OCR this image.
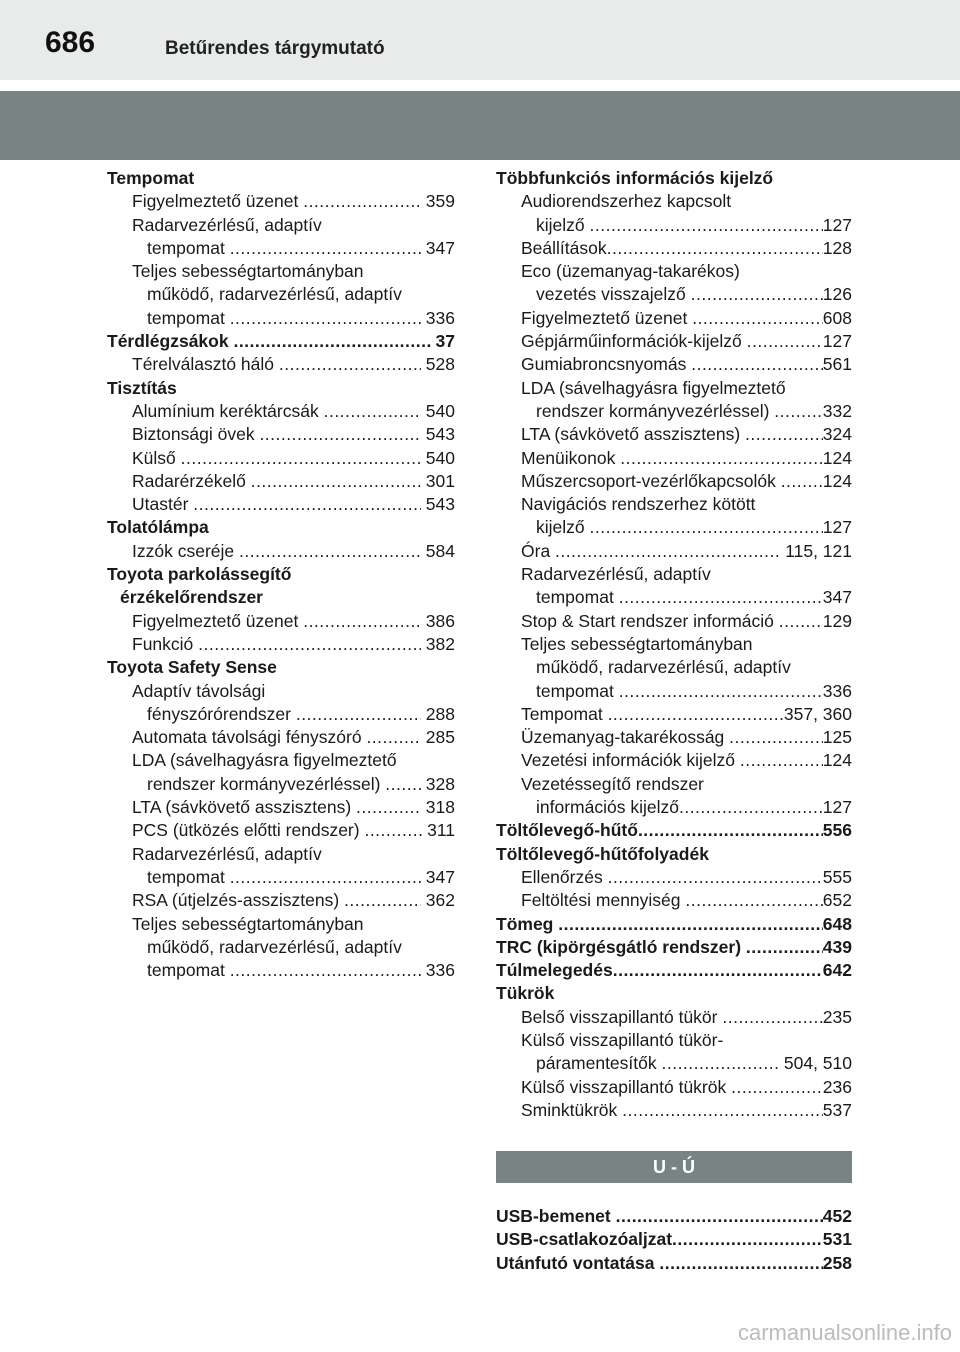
686	Betűrendes tárgymutató
Tempomat
Figyelmeztető üzenet .....	359
Radarvezérlésű, adaptív
tempomat .....	347
Teljes sebességtartományban
működő, radarvezérlésű, adaptív
tempomat .....	336
Térdlégzsákok .....	37
Térelválasztó háló .....	528
Tisztítás
Alumínium keréktárcsák .....	540
Biztonsági övek .....	543
Külső .....	540
Radarérzékelő .....	301
Utastér .....	543
Tolatólámpa
Izzók cseréje .....	584
Toyota parkolássegítő
érzékelőrendszer
Figyelmeztető üzenet .....	386
Funkció .....	382
Toyota Safety Sense
Adaptív távolsági
fényszórórendszer .....	288
Automata távolsági fényszóró .....	285
LDA (sávelhagyásra figyelmeztető
rendszer kormányvezérléssel) ..... 328
LTA (sávkövető asszisztens) .....	318
PCS (ütközés előtti rendszer) .....	311
Radarvezérlésű, adaptív
tempomat .....	347
RSA (útjelzés-asszisztens) .....	362
Teljes sebességtartományban
működő, radarvezérlésű, adaptív
tempomat .....	336
Többfunkciós információs kijelző
Audiorendszerhez kapcsolt
kijelző .....	127
Beállítások .....	128
Eco (üzemanyag-takarékos)
vezetés visszajelző .....	126
Figyelmeztető üzenet .....	608
Gépjárműinformációk-kijelző .....	127
Gumiabroncsnyomás .....	561
LDA (sávelhagyásra figyelmeztető
rendszer kormányvezérléssel) .....	332
LTA (sávkövető asszisztens) .....	324
Menüikonok .....	124
Műszercsoport-vezérlőkapcsolók ..... 124
Navigációs rendszerhez kötött
kijelző .....	127
Óra .....	115, 121
Radarvezérlésű, adaptív
tempomat .....	347
Stop & Start rendszer információ .....	129
Teljes sebességtartományban
működő, radarvezérlésű, adaptív
tempomat .....	336
Tempomat .....	357, 360
Üzemanyag-takarékosság .....	125
Vezetési információk kijelző .....	124
Vezetéssegítő rendszer
információs kijelző .....	127
Töltőlevegő-hűtő .....	556
Töltőlevegő-hűtőfolyadék
Ellenőrzés .....	555
Feltöltési mennyiség .....	652
Tömeg .....	648
TRC (kipörgésgátló rendszer) .....	439
Túlmelegedés .....	642
Tükrök
Belső visszapillantó tükör .....	235
Külső visszapillantó tükör-
páramentesítők .....	504, 510
Külső visszapillantó tükrök .....	236
Sminktükrök .....	537
U - Ú
USB-bemenet .....	452
USB-csatlakozóaljzat .....	531
Utánfutó vontatása .....	258
carmanualsonline.info
